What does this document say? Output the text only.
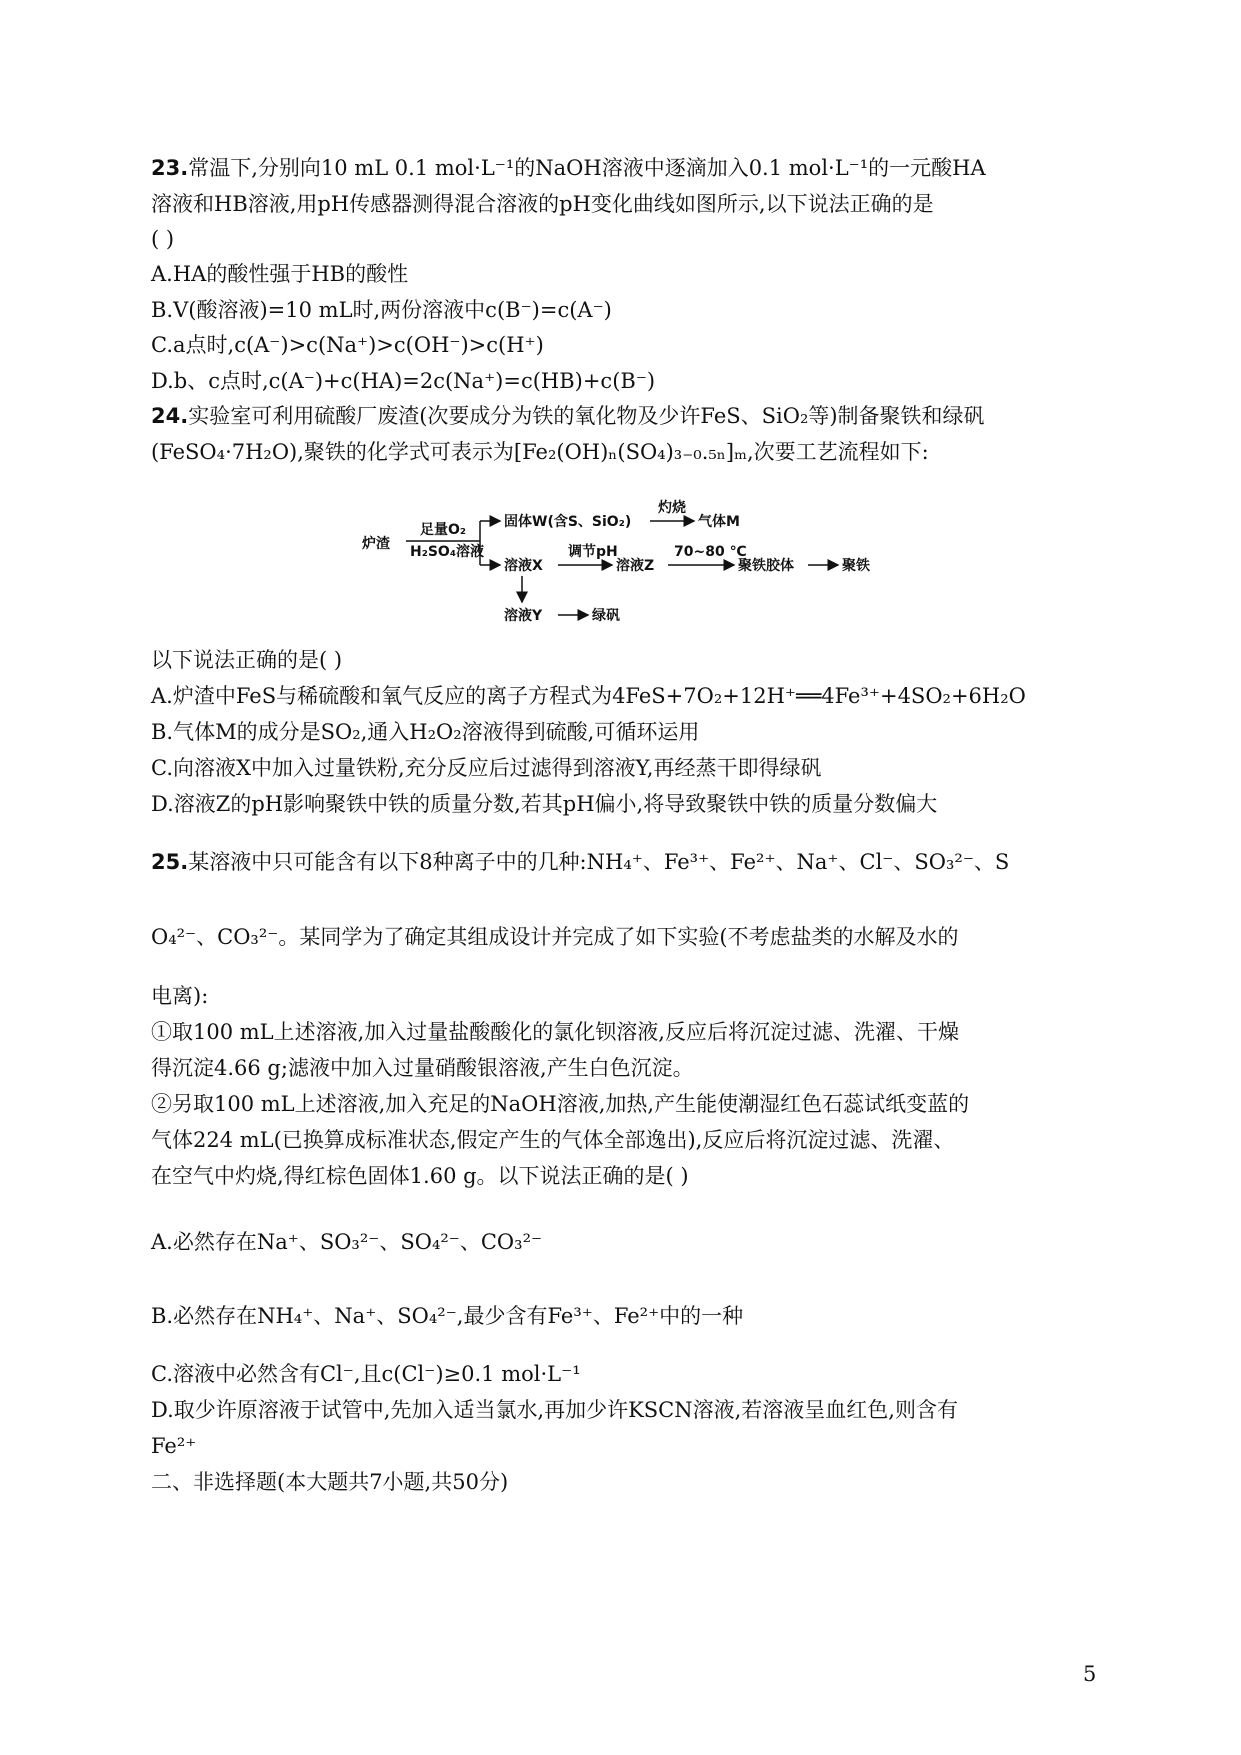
23.常温下,分别向10 mL 0.1 mol·L⁻¹的NaOH溶液中逐滴加入0.1 mol·L⁻¹的一元酸HA
溶液和HB溶液,用pH传感器测得混合溶液的pH变化曲线如图所示,以下说法正确的是
( )
A.HA的酸性强于HB的酸性
B.V(酸溶液)=10 mL时,两份溶液中c(B⁻)=c(A⁻)
C.a点时,c(A⁻)>c(Na⁺)>c(OH⁻)>c(H⁺)
D.b、c点时,c(A⁻)+c(HA)=2c(Na⁺)=c(HB)+c(B⁻)
24.实验室可利用硫酸厂废渣(次要成分为铁的氧化物及少许FeS、SiO₂等)制备聚铁和绿矾
(FeSO₄·7H₂O),聚铁的化学式可表示为[Fe₂(OH)ₙ(SO₄)₃₋₀.₅ₙ]ₘ,次要工艺流程如下:
炉渣
足量O₂
H₂SO₄溶液
固体W(含S、SiO₂)
灼烧
气体M
溶液X
调节pH
溶液Z
70~80 ℃
聚铁胶体	聚铁
溶液Y	绿矾
以下说法正确的是( )
A.炉渣中FeS与稀硫酸和氧气反应的离子方程式为4FeS+7O₂+12H⁺══4Fe³⁺+4SO₂+6H₂O
B.气体M的成分是SO₂,通入H₂O₂溶液得到硫酸,可循环运用
C.向溶液X中加入过量铁粉,充分反应后过滤得到溶液Y,再经蒸干即得绿矾
D.溶液Z的pH影响聚铁中铁的质量分数,若其pH偏小,将导致聚铁中铁的质量分数偏大
25.某溶液中只可能含有以下8种离子中的几种:NH₄⁺、Fe³⁺、Fe²⁺、Na⁺、Cl⁻、SO₃²⁻、S
O₄²⁻、CO₃²⁻。某同学为了确定其组成设计并完成了如下实验(不考虑盐类的水解及水的
电离):
①取100 mL上述溶液,加入过量盐酸酸化的氯化钡溶液,反应后将沉淀过滤、洗濯、干燥
得沉淀4.66 g;滤液中加入过量硝酸银溶液,产生白色沉淀。
②另取100 mL上述溶液,加入充足的NaOH溶液,加热,产生能使潮湿红色石蕊试纸变蓝的
气体224 mL(已换算成标准状态,假定产生的气体全部逸出),反应后将沉淀过滤、洗濯、
在空气中灼烧,得红棕色固体1.60 g。以下说法正确的是( )
A.必然存在Na⁺、SO₃²⁻、SO₄²⁻、CO₃²⁻
B.必然存在NH₄⁺、Na⁺、SO₄²⁻,最少含有Fe³⁺、Fe²⁺中的一种
C.溶液中必然含有Cl⁻,且c(Cl⁻)≥0.1 mol·L⁻¹
D.取少许原溶液于试管中,先加入适当氯水,再加少许KSCN溶液,若溶液呈血红色,则含有
Fe²⁺
二、非选择题(本大题共7小题,共50分)
5
